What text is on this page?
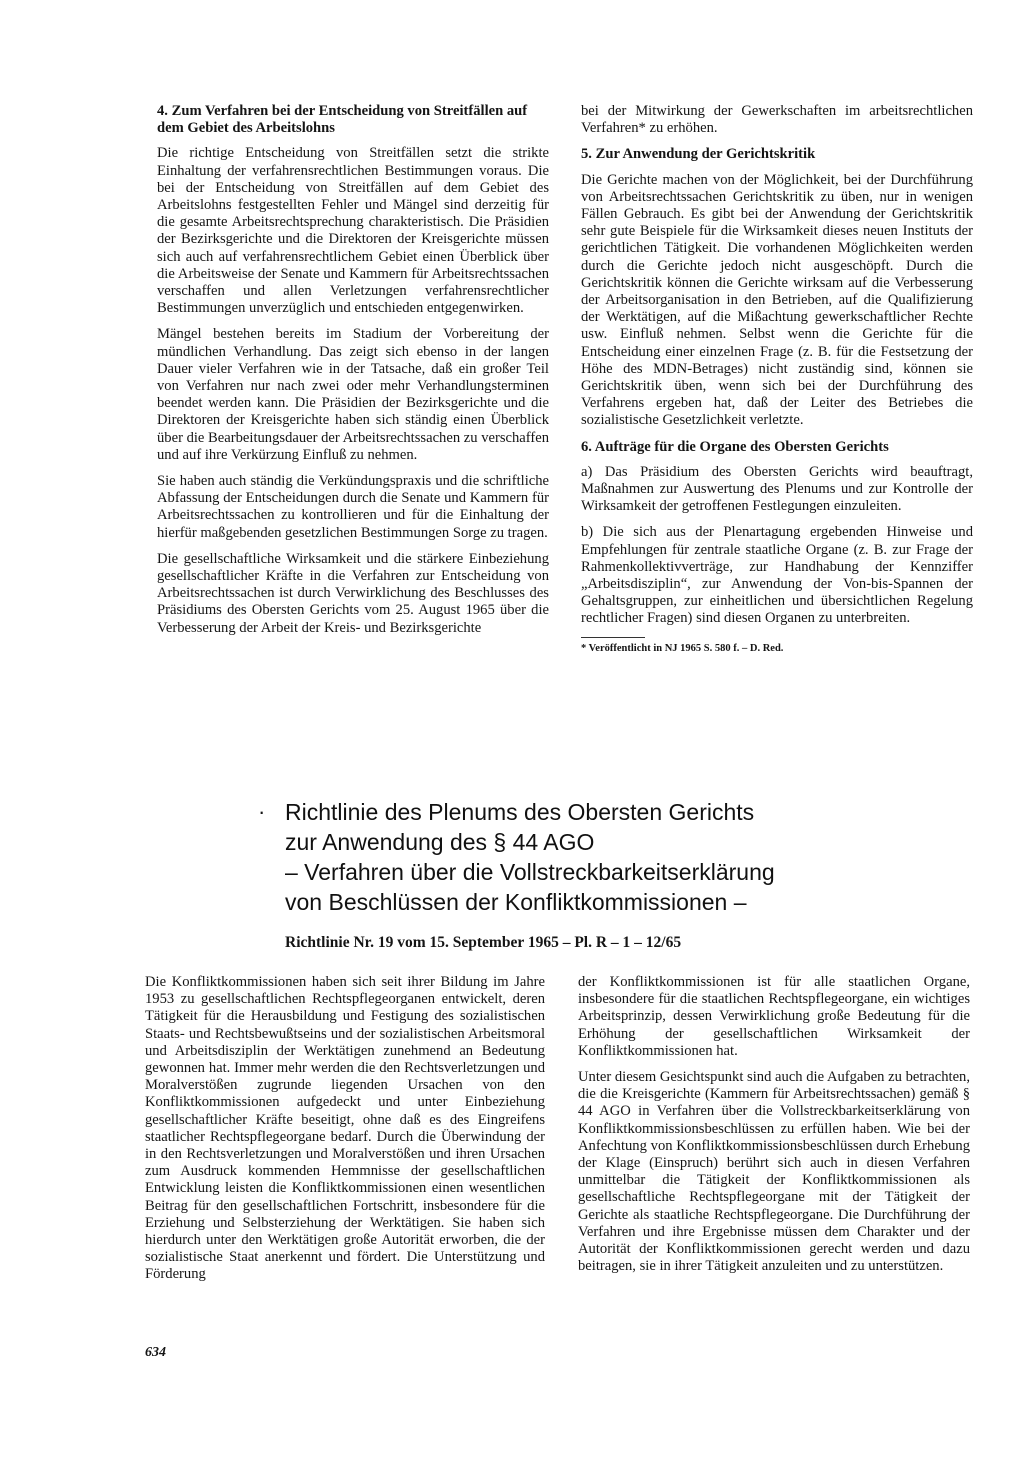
4. Zum Verfahren bei der Entscheidung von Streitfällen auf dem Gebiet des Arbeitslohns

Die richtige Entscheidung von Streitfällen setzt die strikte Einhaltung der verfahrensrechtlichen Bestimmungen voraus. Die bei der Entscheidung von Streitfällen auf dem Gebiet des Arbeitslohns festgestellten Fehler und Mängel sind derzeitig für die gesamte Arbeitsrechtsprechung charakteristisch. Die Präsidien der Bezirksgerichte und die Direktoren der Kreisgerichte müssen sich auch auf verfahrensrechtlichem Gebiet einen Überblick über die Arbeitsweise der Senate und Kammern für Arbeitsrechtssachen verschaffen und allen Verletzungen verfahrensrechtlicher Bestimmungen unverzüglich und entschieden entgegenwirken.

Mängel bestehen bereits im Stadium der Vorbereitung der mündlichen Verhandlung. Das zeigt sich ebenso in der langen Dauer vieler Verfahren wie in der Tatsache, daß ein großer Teil von Verfahren nur nach zwei oder mehr Verhandlungsterminen beendet werden kann. Die Präsidien der Bezirksgerichte und die Direktoren der Kreisgerichte haben sich ständig einen Überblick über die Bearbeitungsdauer der Arbeitsrechtssachen zu verschaffen und auf ihre Verkürzung Einfluß zu nehmen.

Sie haben auch ständig die Verkündungspraxis und die schriftliche Abfassung der Entscheidungen durch die Senate und Kammern für Arbeitsrechtssachen zu kontrollieren und für die Einhaltung der hierfür maßgebenden gesetzlichen Bestimmungen Sorge zu tragen.

Die gesellschaftliche Wirksamkeit und die stärkere Einbeziehung gesellschaftlicher Kräfte in die Verfahren zur Entscheidung von Arbeitsrechtssachen ist durch Verwirklichung des Beschlusses des Präsidiums des Obersten Gerichts vom 25. August 1965 über die Verbesserung der Arbeit der Kreis- und Bezirksgerichte

bei der Mitwirkung der Gewerkschaften im arbeitsrechtlichen Verfahren* zu erhöhen.

5. Zur Anwendung der Gerichtskritik

Die Gerichte machen von der Möglichkeit, bei der Durchführung von Arbeitsrechtssachen Gerichtskritik zu üben, nur in wenigen Fällen Gebrauch. Es gibt bei der Anwendung der Gerichtskritik sehr gute Beispiele für die Wirksamkeit dieses neuen Instituts der gerichtlichen Tätigkeit. Die vorhandenen Möglichkeiten werden durch die Gerichte jedoch nicht ausgeschöpft. Durch die Gerichtskritik können die Gerichte wirksam auf die Verbesserung der Arbeitsorganisation in den Betrieben, auf die Qualifizierung der Werktätigen, auf die Mißachtung gewerkschaftlicher Rechte usw. Einfluß nehmen. Selbst wenn die Gerichte für die Entscheidung einer einzelnen Frage (z. B. für die Festsetzung der Höhe des MDN-Betrages) nicht zuständig sind, können sie Gerichtskritik üben, wenn sich bei der Durchführung des Verfahrens ergeben hat, daß der Leiter des Betriebes die sozialistische Gesetzlichkeit verletzte.

6. Aufträge für die Organe des Obersten Gerichts

a) Das Präsidium des Obersten Gerichts wird beauftragt, Maßnahmen zur Auswertung des Plenums und zur Kontrolle der Wirksamkeit der getroffenen Festlegungen einzuleiten.

b) Die sich aus der Plenartagung ergebenden Hinweise und Empfehlungen für zentrale staatliche Organe (z. B. zur Frage der Rahmenkollektivverträge, zur Handhabung der Kennziffer „Arbeitsdisziplin“, zur Anwendung der Von-bis-Spannen der Gehaltsgruppen, zur einheitlichen und übersichtlichen Regelung rechtlicher Fragen) sind diesen Organen zu unterbreiten.

* Veröffentlicht in NJ 1965 S. 580 f. – D. Red.

· Richtlinie des Plenums des Obersten Gerichts
zur Anwendung des § 44 AGO
– Verfahren über die Vollstreckbarkeitserklärung
von Beschlüssen der Konfliktkommissionen –
Richtlinie Nr. 19 vom 15. September 1965 – Pl. R – 1 – 12/65

Die Konfliktkommissionen haben sich seit ihrer Bildung im Jahre 1953 zu gesellschaftlichen Rechtspflegeorganen entwickelt, deren Tätigkeit für die Herausbildung und Festigung des sozialistischen Staats- und Rechtsbewußtseins und der sozialistischen Arbeitsmoral und Arbeitsdisziplin der Werktätigen zunehmend an Bedeutung gewonnen hat. Immer mehr werden die den Rechtsverletzungen und Moralverstößen zugrunde liegenden Ursachen von den Konfliktkommissionen aufgedeckt und unter Einbeziehung gesellschaftlicher Kräfte beseitigt, ohne daß es des Eingreifens staatlicher Rechtspflegeorgane bedarf. Durch die Überwindung der in den Rechtsverletzungen und Moralverstößen und ihren Ursachen zum Ausdruck kommenden Hemmnisse der gesellschaftlichen Entwicklung leisten die Konfliktkommissionen einen wesentlichen Beitrag für den gesellschaftlichen Fortschritt, insbesondere für die Erziehung und Selbsterziehung der Werktätigen. Sie haben sich hierdurch unter den Werktätigen große Autorität erworben, die der sozialistische Staat anerkennt und fördert. Die Unterstützung und Förderung

der Konfliktkommissionen ist für alle staatlichen Organe, insbesondere für die staatlichen Rechtspflegeorgane, ein wichtiges Arbeitsprinzip, dessen Verwirklichung große Bedeutung für die Erhöhung der gesellschaftlichen Wirksamkeit der Konfliktkommissionen hat.

Unter diesem Gesichtspunkt sind auch die Aufgaben zu betrachten, die die Kreisgerichte (Kammern für Arbeitsrechtssachen) gemäß § 44 AGO in Verfahren über die Vollstreckbarkeitserklärung von Konfliktkommissionsbeschlüssen zu erfüllen haben. Wie bei der Anfechtung von Konfliktkommissionsbeschlüssen durch Erhebung der Klage (Einspruch) berührt sich auch in diesen Verfahren unmittelbar die Tätigkeit der Konfliktkommissionen als gesellschaftliche Rechtspflegeorgane mit der Tätigkeit der Gerichte als staatliche Rechtspflegeorgane. Die Durchführung der Verfahren und ihre Ergebnisse müssen dem Charakter und der Autorität der Konfliktkommissionen gerecht werden und dazu beitragen, sie in ihrer Tätigkeit anzuleiten und zu unterstützen.

634
